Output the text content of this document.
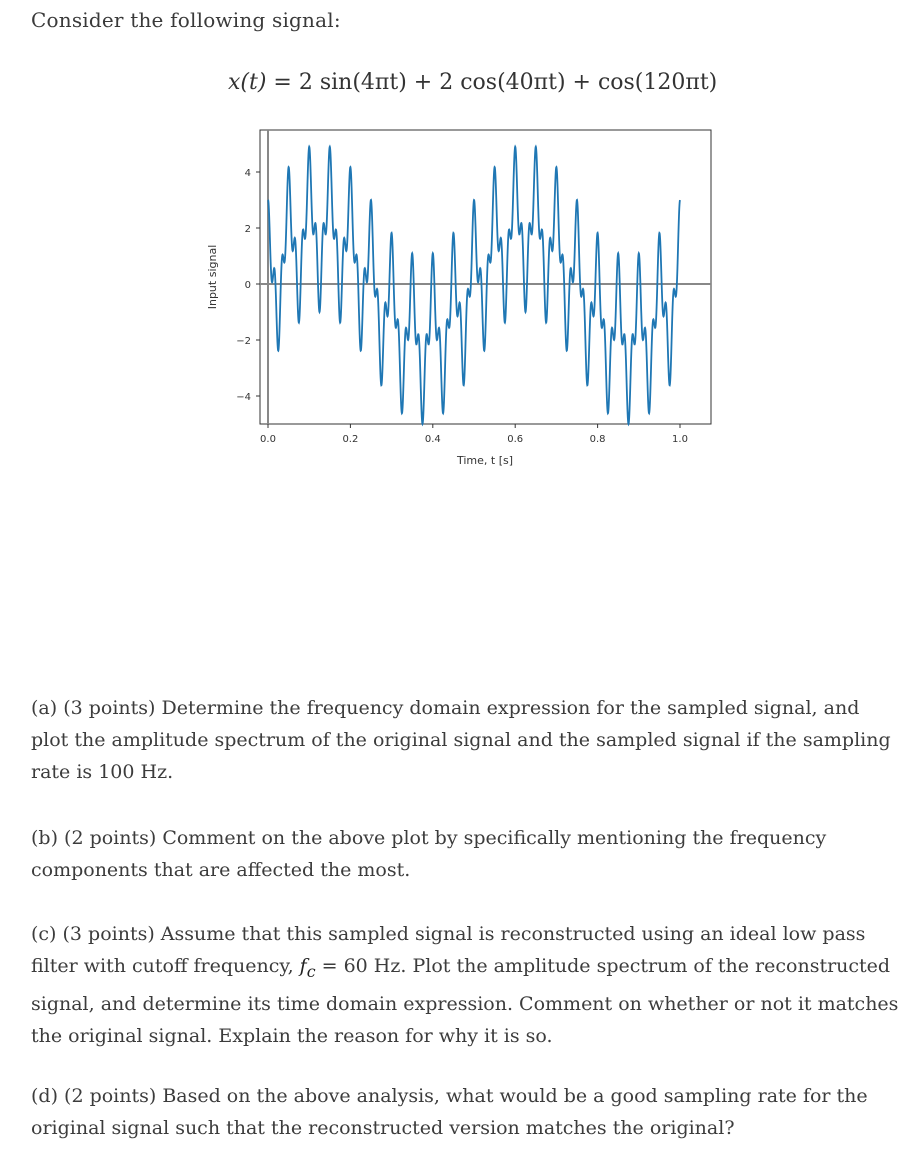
Consider the following signal:

x(t) = 2 sin(4πt) + 2 cos(40πt) + cos(120πt)
4
2
0
−2
−4
0.0	0.2	0.4	0.6	0.8	1.0
Time, t [s]
Input signal

(a) (3 points) Determine the frequency domain expression for the sampled signal, and plot the amplitude spectrum of the original signal and the sampled signal if the sampling rate is 100 Hz.

(b) (2 points) Comment on the above plot by specifically mentioning the frequency components that are affected the most.

(c) (3 points) Assume that this sampled signal is reconstructed using an ideal low pass filter with cutoff frequency, $f_c = 60$ Hz. Plot the amplitude spectrum of the reconstructed signal, and determine its time domain expression. Comment on whether or not it matches the original signal. Explain the reason for why it is so.

(d) (2 points) Based on the above analysis, what would be a good sampling rate for the original signal such that the reconstructed version matches the original?
